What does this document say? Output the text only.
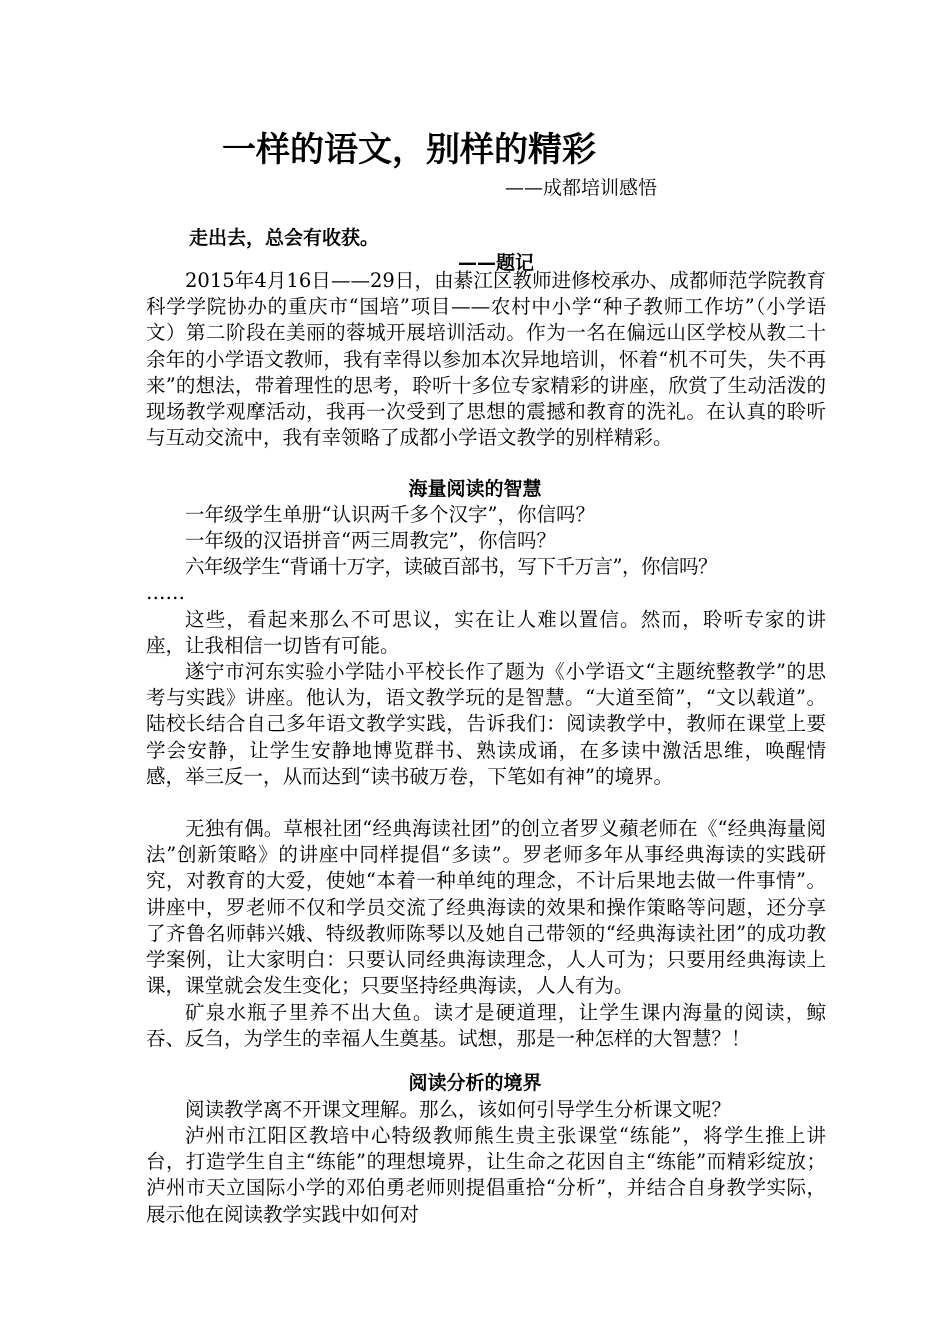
一样的语文，别样的精彩
——成都培训感悟
走出去，总会有收获。
——题记

2015年4月16日——29日，由綦江区教师进修校承办、成都师范学院教育科学学院协办的重庆市“国培”项目——农村中小学“种子教师工作坊”（小学语文）第二阶段在美丽的蓉城开展培训活动。作为一名在偏远山区学校从教二十余年的小学语文教师，我有幸得以参加本次异地培训，怀着“机不可失，失不再来”的想法，带着理性的思考，聆听十多位专家精彩的讲座，欣赏了生动活泼的现场教学观摩活动，我再一次受到了思想的震撼和教育的洗礼。在认真的聆听与互动交流中，我有幸领略了成都小学语文教学的别样精彩。

海量阅读的智慧

一年级学生单册“认识两千多个汉字”，你信吗？

一年级的汉语拼音“两三周教完”，你信吗？

六年级学生“背诵十万字，读破百部书，写下千万言”，你信吗？

……

这些，看起来那么不可思议，实在让人难以置信。然而，聆听专家的讲座，让我相信一切皆有可能。

遂宁市河东实验小学陆小平校长作了题为《小学语文“主题统整教学”的思考与实践》讲座。他认为，语文教学玩的是智慧。“大道至简”，“文以载道”。陆校长结合自己多年语文教学实践，告诉我们：阅读教学中，教师在课堂上要学会安静，让学生安静地博览群书、熟读成诵，在多读中激活思维，唤醒情感，举三反一，从而达到“读书破万卷，下笔如有神”的境界。

无独有偶。草根社团“经典海读社团”的创立者罗义蘋老师在《“经典海量阅法”创新策略》的讲座中同样提倡“多读”。罗老师多年从事经典海读的实践研究，对教育的大爱，使她“本着一种单纯的理念，不计后果地去做一件事情”。讲座中，罗老师不仅和学员交流了经典海读的效果和操作策略等问题，还分享了齐鲁名师韩兴娥、特级教师陈琴以及她自己带领的“经典海读社团”的成功教学案例，让大家明白：只要认同经典海读理念，人人可为；只要用经典海读上课，课堂就会发生变化；只要坚持经典海读，人人有为。

矿泉水瓶子里养不出大鱼。读才是硬道理，让学生课内海量的阅读，鲸吞、反刍，为学生的幸福人生奠基。试想，那是一种怎样的大智慧？！

阅读分析的境界

阅读教学离不开课文理解。那么，该如何引导学生分析课文呢？

泸州市江阳区教培中心特级教师熊生贵主张课堂“练能”，将学生推上讲台，打造学生自主“练能”的理想境界，让生命之花因自主“练能”而精彩绽放；泸州市天立国际小学的邓伯勇老师则提倡重拾“分析”，并结合自身教学实际，展示他在阅读教学实践中如何对
